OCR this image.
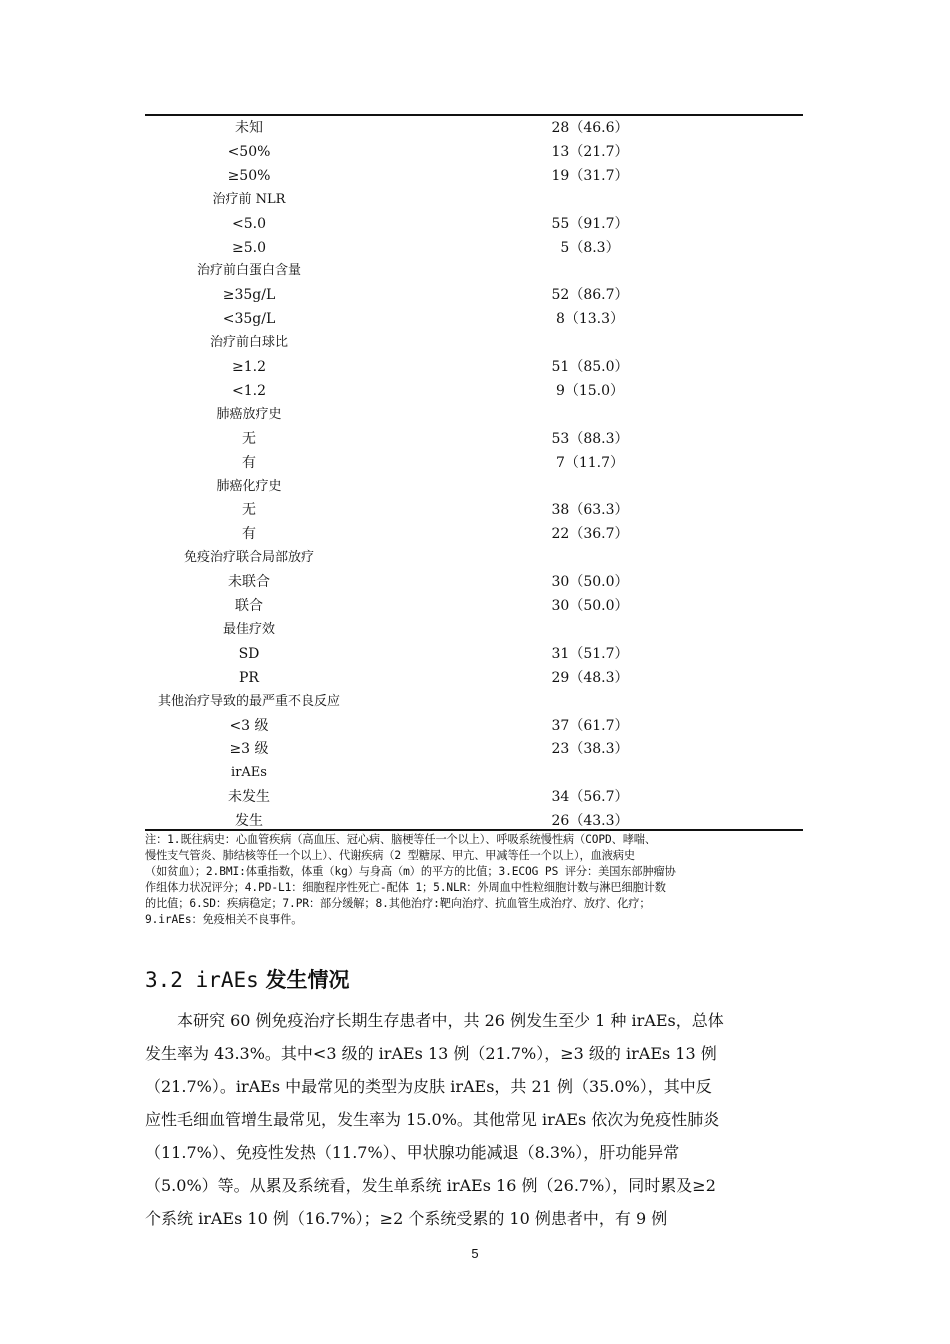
未知	28（46.6）
<50%	13（21.7）
≥50%	19（31.7）
治疗前 NLR
<5.0	55（91.7）
≥5.0	5（8.3）
治疗前白蛋白含量
≥35g/L	52（86.7）
<35g/L	8（13.3）
治疗前白球比
≥1.2	51（85.0）
<1.2	9（15.0）
肺癌放疗史
无	53（88.3）
有	7（11.7）
肺癌化疗史
无	38（63.3）
有	22（36.7）
免疫治疗联合局部放疗
未联合	30（50.0）
联合	30（50.0）
最佳疗效
SD	31（51.7）
PR	29（48.3）
其他治疗导致的最严重不良反应
<3 级	37（61.7）
≥3 级	23（38.3）
irAEs
未发生	34（56.7）
发生	26（43.3）
注：1.既往病史：心血管疾病（高血压、冠心病、脑梗等任一个以上）、呼吸系统慢性病（COPD、哮喘、
慢性支气管炎、肺结核等任一个以上）、代谢疾病（2 型糖尿、甲亢、甲减等任一个以上），血液病史
（如贫血）；2.BMI:体重指数，体重（kg）与身高（m）的平方的比值；3.ECOG PS 评分：美国东部肿瘤协
作组体力状况评分；4.PD-L1：细胞程序性死亡-配体 1；5.NLR：外周血中性粒细胞计数与淋巴细胞计数
的比值；6.SD：疾病稳定；7.PR：部分缓解；8.其他治疗:靶向治疗、抗血管生成治疗、放疗、化疗；
9.irAEs：免疫相关不良事件。
3.2 irAEs 发生情况
本研究 60 例免疫治疗长期生存患者中，共 26 例发生至少 1 种 irAEs，总体
发生率为 43.3%。其中<3 级的 irAEs 13 例（21.7%），≥3 级的 irAEs 13 例
（21.7%）。irAEs 中最常见的类型为皮肤 irAEs，共 21 例（35.0%），其中反
应性毛细血管增生最常见，发生率为 15.0%。其他常见 irAEs 依次为免疫性肺炎
（11.7%）、免疫性发热（11.7%）、甲状腺功能减退（8.3%），肝功能异常
（5.0%）等。从累及系统看，发生单系统 irAEs 16 例（26.7%），同时累及≥2
个系统 irAEs 10 例（16.7%）；≥2 个系统受累的 10 例患者中，有 9 例
5
